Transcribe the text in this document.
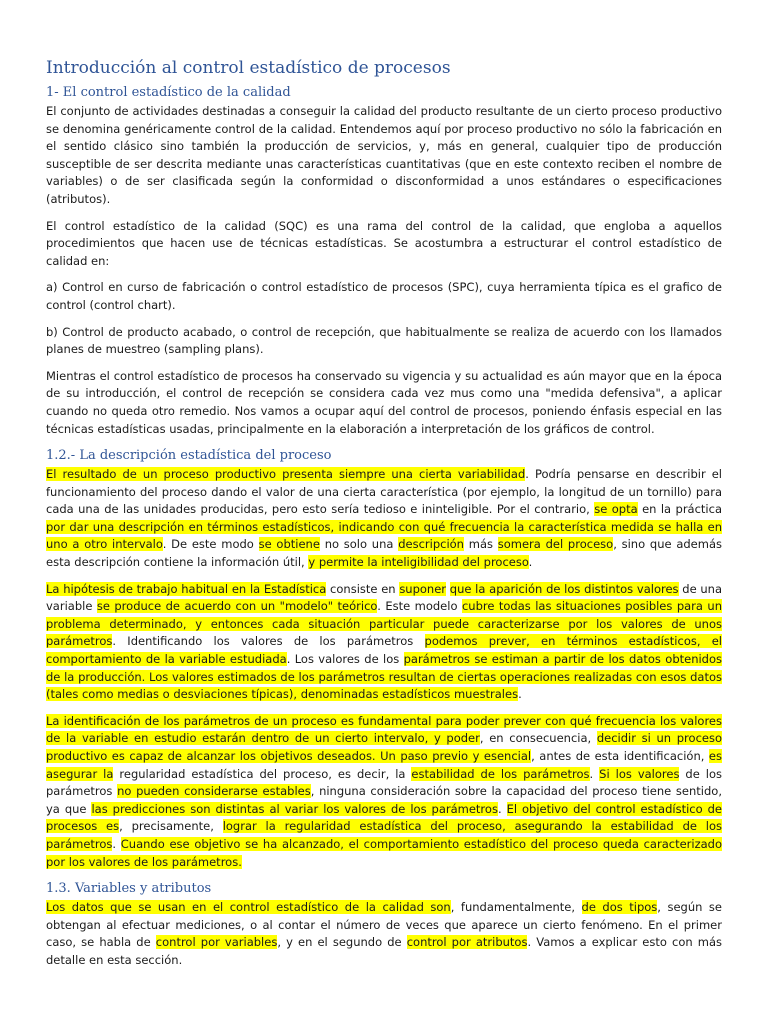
Introducción al control estadístico de procesos
1- El control estadístico de la calidad

El conjunto de actividades destinadas a conseguir la calidad del producto resultante de un cierto proceso productivo se denomina genéricamente control de la calidad. Entendemos aquí por proceso productivo no sólo la fabricación en el sentido clásico sino también la producción de servicios, y, más en general, cualquier tipo de producción susceptible de ser descrita mediante unas características cuantitativas (que en este contexto reciben el nombre de variables) o de ser clasificada según la conformidad o disconformidad a unos estándares o especificaciones (atributos).

El control estadístico de la calidad (SQC) es una rama del control de la calidad, que engloba a aquellos procedimientos que hacen use de técnicas estadísticas. Se acostumbra a estructurar el control estadístico de calidad en:

a) Control en curso de fabricación o control estadístico de procesos (SPC), cuya herramienta típica es el grafico de control (control chart).

b) Control de producto acabado, o control de recepción, que habitualmente se realiza de acuerdo con los llamados planes de muestreo (sampling plans).

Mientras el control estadístico de procesos ha conservado su vigencia y su actualidad es aún mayor que en la época de su introducción, el control de recepción se considera cada vez mus como una "medida defensiva", a aplicar cuando no queda otro remedio. Nos vamos a ocupar aquí del control de procesos, poniendo énfasis especial en las técnicas estadísticas usadas, principalmente en la elaboración a interpretación de los gráficos de control.

1.2.- La descripción estadística del proceso

El resultado de un proceso productivo presenta siempre una cierta variabilidad. Podría pensarse en describir el funcionamiento del proceso dando el valor de una cierta característica (por ejemplo, la longitud de un tornillo) para cada una de las unidades producidas, pero esto sería tedioso e ininteligible. Por el contrario, se opta en la práctica por dar una descripción en términos estadísticos, indicando con qué frecuencia la característica medida se halla en uno a otro intervalo. De este modo se obtiene no solo una descripción más somera del proceso, sino que además esta descripción contiene la información útil, y permite la inteligibilidad del proceso.

La hipótesis de trabajo habitual en la Estadística consiste en suponer que la aparición de los distintos valores de una variable se produce de acuerdo con un "modelo" teórico. Este modelo cubre todas las situaciones posibles para un problema determinado, y entonces cada situación particular puede caracterizarse por los valores de unos parámetros. Identificando los valores de los parámetros podemos prever, en términos estadísticos, el comportamiento de la variable estudiada. Los valores de los parámetros se estiman a partir de los datos obtenidos de la producción. Los valores estimados de los parámetros resultan de ciertas operaciones realizadas con esos datos (tales como medias o desviaciones típicas), denominadas estadísticos muestrales.

La identificación de los parámetros de un proceso es fundamental para poder prever con qué frecuencia los valores de la variable en estudio estarán dentro de un cierto intervalo, y poder, en consecuencia, decidir si un proceso productivo es capaz de alcanzar los objetivos deseados. Un paso previo y esencial, antes de esta identificación, es asegurar la regularidad estadística del proceso, es decir, la estabilidad de los parámetros. Si los valores de los parámetros no pueden considerarse estables, ninguna consideración sobre la capacidad del proceso tiene sentido, ya que las predicciones son distintas al variar los valores de los parámetros. El objetivo del control estadístico de procesos es, precisamente, lograr la regularidad estadística del proceso, asegurando la estabilidad de los parámetros. Cuando ese objetivo se ha alcanzado, el comportamiento estadístico del proceso queda caracterizado por los valores de los parámetros.

1.3. Variables y atributos

Los datos que se usan en el control estadístico de la calidad son, fundamentalmente, de dos tipos, según se obtengan al efectuar mediciones, o al contar el número de veces que aparece un cierto fenómeno. En el primer caso, se habla de control por variables, y en el segundo de control por atributos. Vamos a explicar esto con más detalle en esta sección.
